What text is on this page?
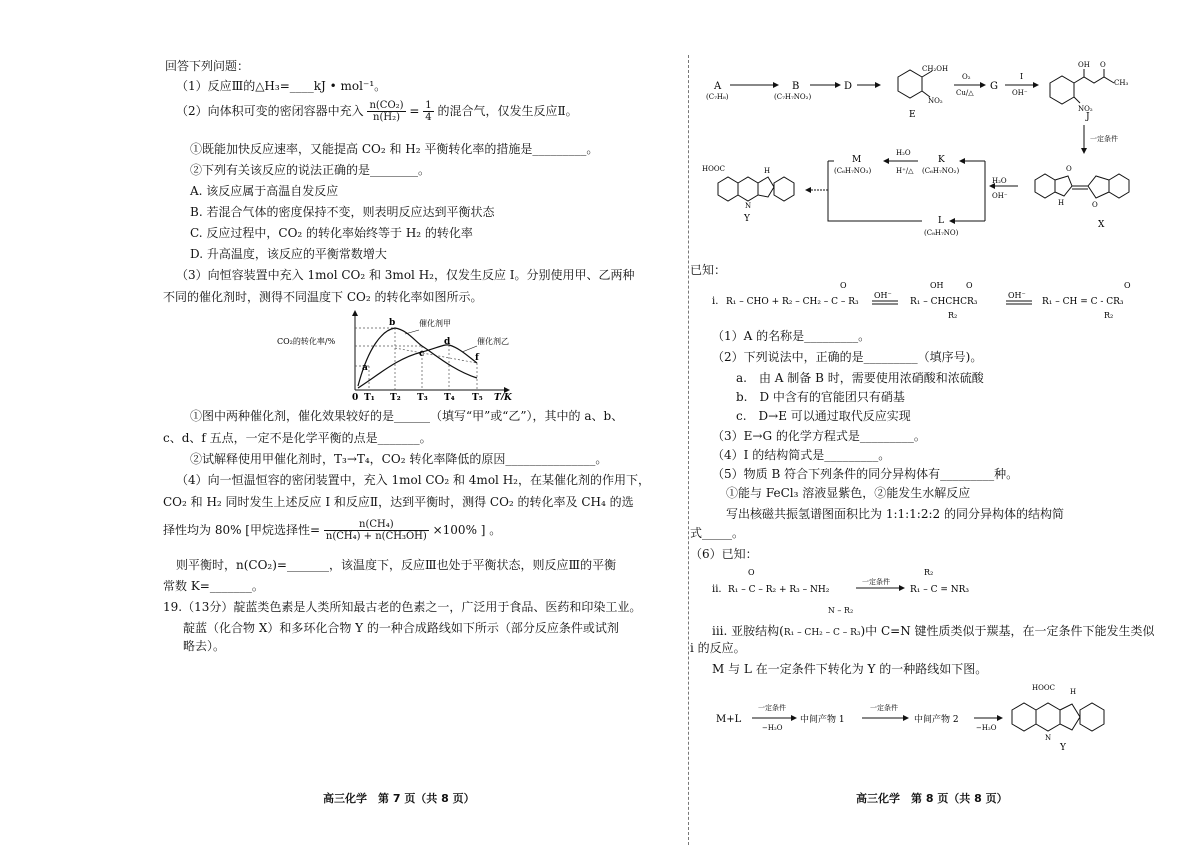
回答下列问题：
（1）反应Ⅲ的△H₃=____kJ • mol⁻¹。
（2）向体积可变的密闭容器中充入 $\frac{\text{n(CO₂)}}{\text{n(H₂)}} = \frac{1}{4}$ 的混合气，仅发生反应Ⅱ。
①既能加快反应速率，又能提高 CO₂ 和 H₂ 平衡转化率的措施是_________。
②下列有关该反应的说法正确的是________。
A. 该反应属于高温自发反应
B. 若混合气体的密度保持不变，则表明反应达到平衡状态
C. 反应过程中，CO₂ 的转化率始终等于 H₂ 的转化率
D. 升高温度，该反应的平衡常数增大
（3）向恒容装置中充入 1mol CO₂ 和 3mol H₂，仅发生反应 I。分别使用甲、乙两种
不同的催化剂时，测得不同温度下 CO₂ 的转化率如图所示。
CO₂的转化率/%
催化剂甲
催化剂乙
a
b
c
d
f
0 T₁ T₂ T₃ T₄ T₅ T/K
①图中两种催化剂，催化效果较好的是______（填写“甲”或“乙”），其中的 a、b、
c、d、f 五点，一定不是化学平衡的点是_______。
②试解释使用甲催化剂时，T₃→T₄，CO₂ 转化率降低的原因_______________。
（4）向一恒温恒容的密闭装置中，充入 1mol CO₂ 和 4mol H₂，在某催化剂的作用下，
CO₂ 和 H₂ 同时发生上述反应 I 和反应Ⅱ，达到平衡时，测得 CO₂ 的转化率及 CH₄ 的选
择性均为 80% [甲烷选择性= $\frac{\text{n(CH₄)}}{\text{n(CH₄) + n(CH₃OH)}} \times 100\%$ ] 。
则平衡时，n(CO₂)=_______，该温度下，反应Ⅲ也处于平衡状态，则反应Ⅲ的平衡
常数 K=_______。
19.（13分）靛蓝类色素是人类所知最古老的色素之一，广泛用于食品、医药和印染工业。
靛蓝（化合物 X）和多环化合物 Y 的一种合成路线如下所示（部分反应条件或试剂
略去）。
高三化学　第 7 页（共 8 页）
A
(C₇H₈)
B
(C₇H₇NO₂)
D
CH₂OH
NO₂
E
O₂
Cu/△
G
I
OH⁻
OH O
CH₃
NO₂
J
一定条件
O
O
H
X
H₂O
OH⁻
K
(C₆H₇NO₂)
H₂O
H⁺/△
M
(C₆H₇NO₃)
L
(C₈H₇NO)
HOOC	H
N
Y
已知：
i. R₁ – CHO + R₂ – CH₂ – C – R₃
O
OH⁻
R₁ – CHCHCR₃
OH	O
R₂
OH⁻
R₁ – CH = C - CR₃
O
R₂
（1）A 的名称是_________。
（2）下列说法中，正确的是_________（填序号)。
a.　由 A 制备 B 时，需要使用浓硝酸和浓硫酸
b.　D 中含有的官能团只有硝基
c.　D→E 可以通过取代反应实现
（3）E→G 的化学方程式是_________。
（4）I 的结构简式是_________。
（5）物质 B 符合下列条件的同分异构体有_________种。
①能与 FeCl₃ 溶液显紫色，②能发生水解反应
写出核磁共振氢谱图面积比为 1:1:1:2:2 的同分异构体的结构简
式_____。
（6）已知：
ii. R₁ – C – R₂ + R₃ – NH₂
O
一定条件
R₂
R₁ – C = NR₃
iii. 亚胺结构(
N – R₂
R₁ – CH₂ – C – R₃)中 C=N 键性质类似于羰基，在一定条件下能发生类似
i 的反应。
M 与 L 在一定条件下转化为 Y 的一种路线如下图。
M+L
一定条件
−H₂O
中间产物 1
一定条件
中间产物 2
−H₂O
HOOC H
N
Y
高三化学　第 8 页（共 8 页）
